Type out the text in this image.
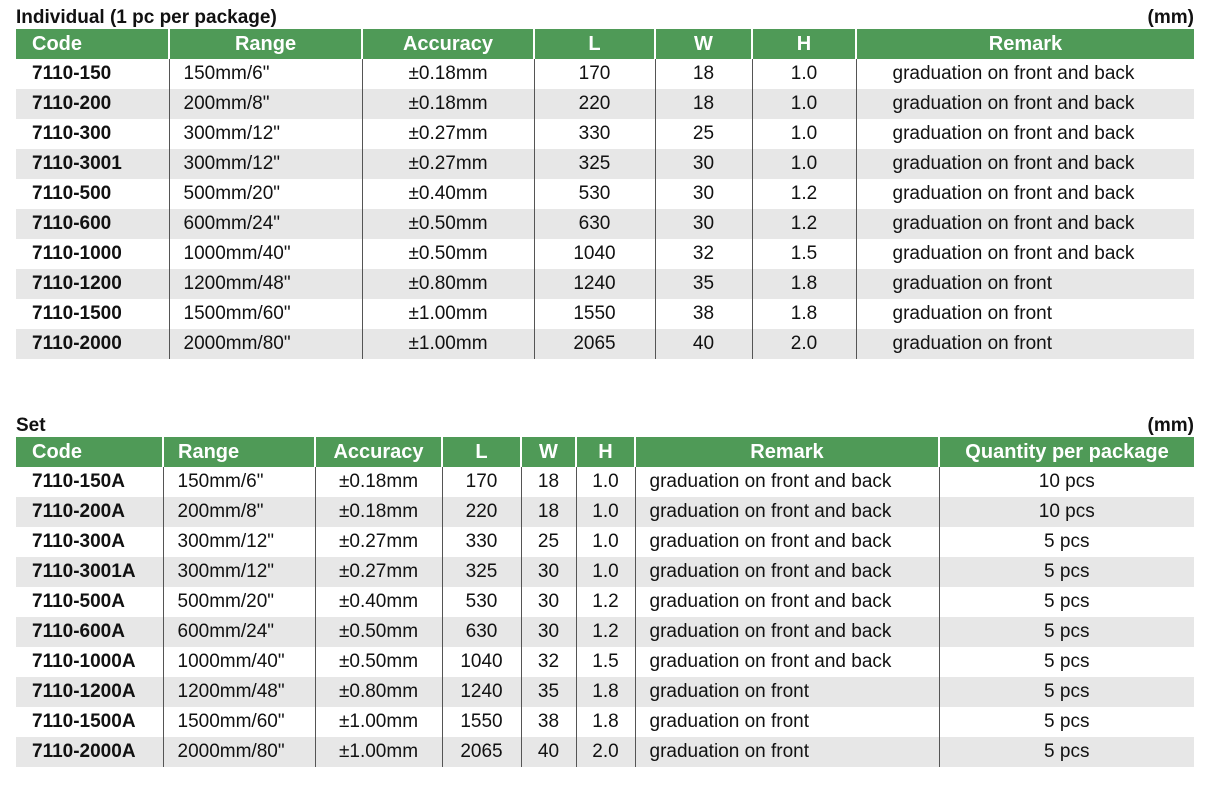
Individual (1 pc per package)	(mm)
Code	Range	Accuracy	L	W	H	Remark
7110-150	150mm/6"	±0.18mm	170	18	1.0	graduation on front and back
7110-200	200mm/8"	±0.18mm	220	18	1.0	graduation on front and back
7110-300	300mm/12"	±0.27mm	330	25	1.0	graduation on front and back
7110-3001	300mm/12"	±0.27mm	325	30	1.0	graduation on front and back
7110-500	500mm/20"	±0.40mm	530	30	1.2	graduation on front and back
7110-600	600mm/24"	±0.50mm	630	30	1.2	graduation on front and back
7110-1000	1000mm/40"	±0.50mm	1040	32	1.5	graduation on front and back
7110-1200	1200mm/48"	±0.80mm	1240	35	1.8	graduation on front
7110-1500	1500mm/60"	±1.00mm	1550	38	1.8	graduation on front
7110-2000	2000mm/80"	±1.00mm	2065	40	2.0	graduation on front
Set	(mm)
Code	Range	Accuracy	L	W	H	Remark	Quantity per package
7110-150A	150mm/6"	±0.18mm	170	18	1.0	graduation on front and back	10 pcs
7110-200A	200mm/8"	±0.18mm	220	18	1.0	graduation on front and back	10 pcs
7110-300A	300mm/12"	±0.27mm	330	25	1.0	graduation on front and back	5 pcs
7110-3001A	300mm/12"	±0.27mm	325	30	1.0	graduation on front and back	5 pcs
7110-500A	500mm/20"	±0.40mm	530	30	1.2	graduation on front and back	5 pcs
7110-600A	600mm/24"	±0.50mm	630	30	1.2	graduation on front and back	5 pcs
7110-1000A	1000mm/40"	±0.50mm	1040	32	1.5	graduation on front and back	5 pcs
7110-1200A	1200mm/48"	±0.80mm	1240	35	1.8	graduation on front	5 pcs
7110-1500A	1500mm/60"	±1.00mm	1550	38	1.8	graduation on front	5 pcs
7110-2000A	2000mm/80"	±1.00mm	2065	40	2.0	graduation on front	5 pcs
